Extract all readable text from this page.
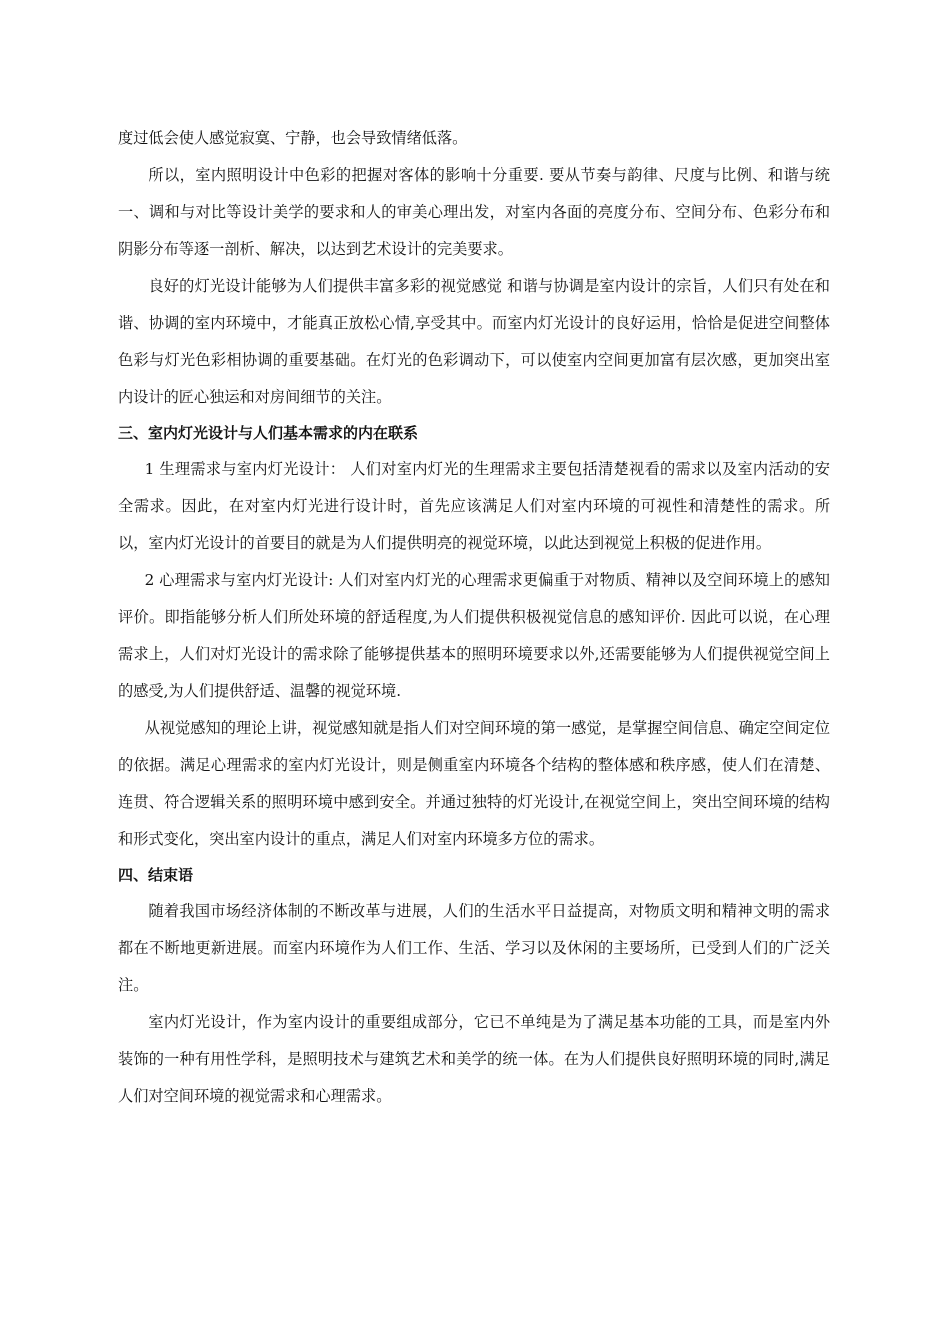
度过低会使人感觉寂寞、宁静，也会导致情绪低落。

所以，室内照明设计中色彩的把握对客体的影响十分重要. 要从节奏与韵律、尺度与比例、和谐与统一、调和与对比等设计美学的要求和人的审美心理出发，对室内各面的亮度分布、空间分布、色彩分布和阴影分布等逐一剖析、解决，以达到艺术设计的完美要求。

良好的灯光设计能够为人们提供丰富多彩的视觉感觉 和谐与协调是室内设计的宗旨，人们只有处在和谐、协调的室内环境中，才能真正放松心情,享受其中。而室内灯光设计的良好运用，恰恰是促进空间整体色彩与灯光色彩相协调的重要基础。在灯光的色彩调动下，可以使室内空间更加富有层次感，更加突出室内设计的匠心独运和对房间细节的关注。

三、室内灯光设计与人们基本需求的内在联系

1 生理需求与室内灯光设计： 人们对室内灯光的生理需求主要包括清楚视看的需求以及室内活动的安全需求。因此，在对室内灯光进行设计时，首先应该满足人们对室内环境的可视性和清楚性的需求。所以，室内灯光设计的首要目的就是为人们提供明亮的视觉环境，以此达到视觉上积极的促进作用。

2 心理需求与室内灯光设计: 人们对室内灯光的心理需求更偏重于对物质、精神以及空间环境上的感知评价。即指能够分析人们所处环境的舒适程度,为人们提供积极视觉信息的感知评价. 因此可以说，在心理需求上，人们对灯光设计的需求除了能够提供基本的照明环境要求以外,还需要能够为人们提供视觉空间上的感受,为人们提供舒适、温馨的视觉环境.

从视觉感知的理论上讲，视觉感知就是指人们对空间环境的第一感觉，是掌握空间信息、确定空间定位的依据。满足心理需求的室内灯光设计，则是侧重室内环境各个结构的整体感和秩序感，使人们在清楚、连贯、符合逻辑关系的照明环境中感到安全。并通过独特的灯光设计,在视觉空间上，突出空间环境的结构和形式变化，突出室内设计的重点，满足人们对室内环境多方位的需求。

四、结束语

随着我国市场经济体制的不断改革与进展，人们的生活水平日益提高，对物质文明和精神文明的需求都在不断地更新进展。而室内环境作为人们工作、生活、学习以及休闲的主要场所，已受到人们的广泛关注。

室内灯光设计，作为室内设计的重要组成部分，它已不单纯是为了满足基本功能的工具，而是室内外装饰的一种有用性学科，是照明技术与建筑艺术和美学的统一体。在为人们提供良好照明环境的同时,满足人们对空间环境的视觉需求和心理需求。
